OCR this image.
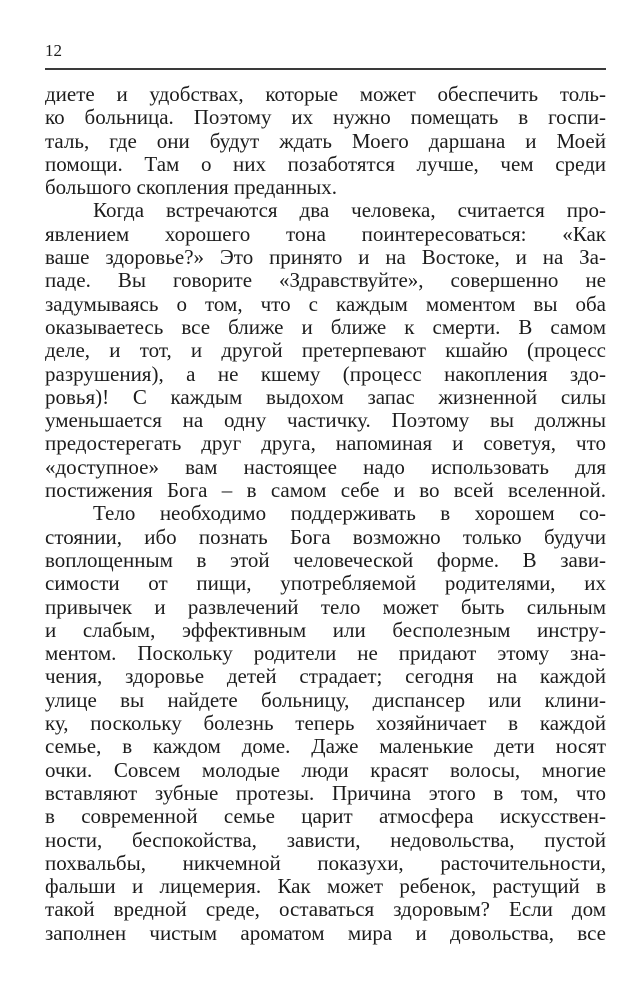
12
диете и удобствах, которые может обеспечить толь-
ко больница. Поэтому их нужно помещать в госпи-
таль, где они будут ждать Моего даршана и Моей
помощи. Там о них позаботятся лучше, чем среди
большого скопления преданных.
Когда встречаются два человека, считается про-
явлением хорошего тона поинтересоваться: «Как
ваше здоровье?» Это принято и на Востоке, и на За-
паде. Вы говорите «Здравствуйте», совершенно не
задумываясь о том, что с каждым моментом вы оба
оказываетесь все ближе и ближе к смерти. В самом
деле, и тот, и другой претерпевают кшайю (процесс
разрушения), а не кшему (процесс накопления здо-
ровья)! С каждым выдохом запас жизненной силы
уменьшается на одну частичку. Поэтому вы должны
предостерегать друг друга, напоминая и советуя, что
«доступное» вам настоящее надо использовать для
постижения Бога – в самом себе и во всей вселенной.
Тело необходимо поддерживать в хорошем со-
стоянии, ибо познать Бога возможно только будучи
воплощенным в этой человеческой форме. В зави-
симости от пищи, употребляемой родителями, их
привычек и развлечений тело может быть сильным
и слабым, эффективным или бесполезным инстру-
ментом. Поскольку родители не придают этому зна-
чения, здоровье детей страдает; сегодня на каждой
улице вы найдете больницу, диспансер или клини-
ку, поскольку болезнь теперь хозяйничает в каждой
семье, в каждом доме. Даже маленькие дети носят
очки. Совсем молодые люди красят волосы, многие
вставляют зубные протезы. Причина этого в том, что
в современной семье царит атмосфера искусствен-
ности, беспокойства, зависти, недовольства, пустой
похвальбы, никчемной показухи, расточительности,
фальши и лицемерия. Как может ребенок, растущий в
такой вредной среде, оставаться здоровым? Если дом
заполнен чистым ароматом мира и довольства, все
